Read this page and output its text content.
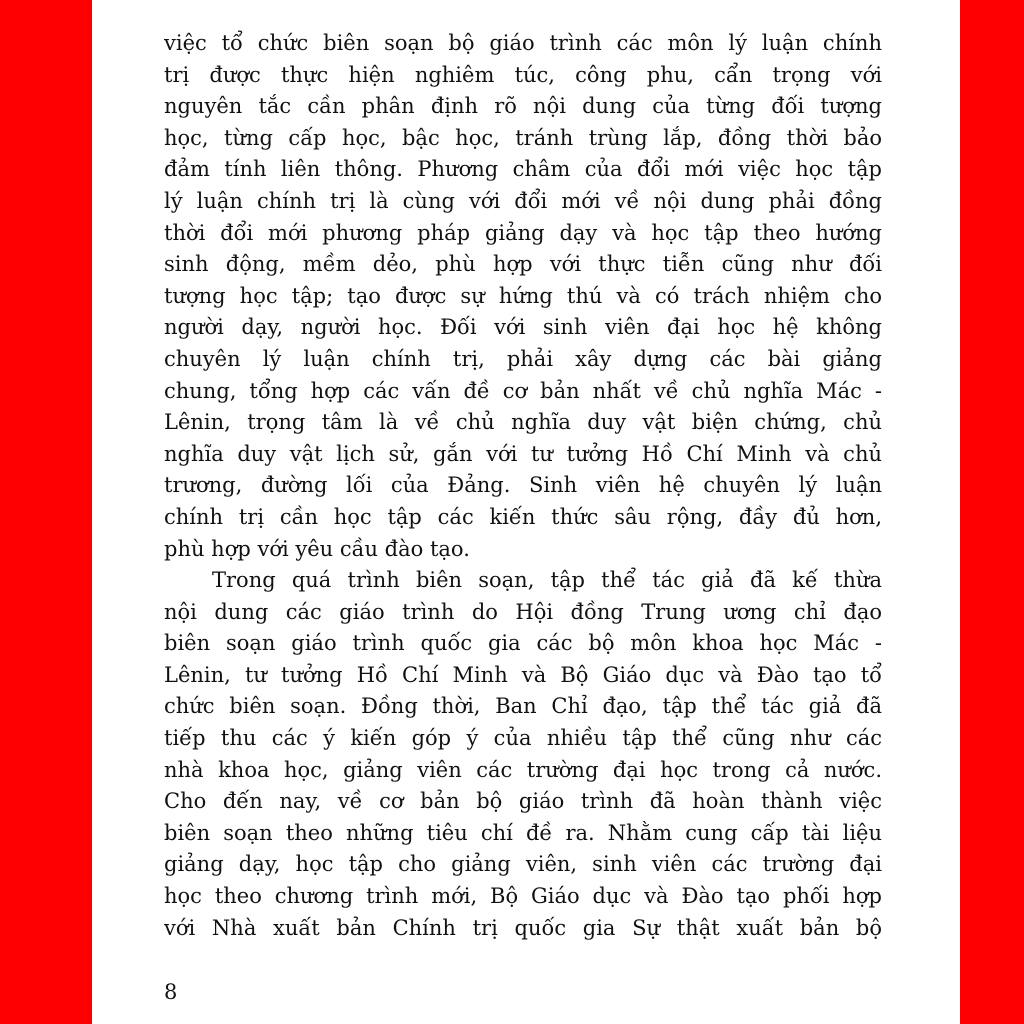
việc tổ chức biên soạn bộ giáo trình các môn lý luận chính
trị được thực hiện nghiêm túc, công phu, cẩn trọng với
nguyên tắc cần phân định rõ nội dung của từng đối tượng
học, từng cấp học, bậc học, tránh trùng lắp, đồng thời bảo
đảm tính liên thông. Phương châm của đổi mới việc học tập
lý luận chính trị là cùng với đổi mới về nội dung phải đồng
thời đổi mới phương pháp giảng dạy và học tập theo hướng
sinh động, mềm dẻo, phù hợp với thực tiễn cũng như đối
tượng học tập; tạo được sự hứng thú và có trách nhiệm cho
người dạy, người học. Đối với sinh viên đại học hệ không
chuyên lý luận chính trị, phải xây dựng các bài giảng
chung, tổng hợp các vấn đề cơ bản nhất về chủ nghĩa Mác -
Lênin, trọng tâm là về chủ nghĩa duy vật biện chứng, chủ
nghĩa duy vật lịch sử, gắn với tư tưởng Hồ Chí Minh và chủ
trương, đường lối của Đảng. Sinh viên hệ chuyên lý luận
chính trị cần học tập các kiến thức sâu rộng, đầy đủ hơn,
phù hợp với yêu cầu đào tạo.

Trong quá trình biên soạn, tập thể tác giả đã kế thừa
nội dung các giáo trình do Hội đồng Trung ương chỉ đạo
biên soạn giáo trình quốc gia các bộ môn khoa học Mác -
Lênin, tư tưởng Hồ Chí Minh và Bộ Giáo dục và Đào tạo tổ
chức biên soạn. Đồng thời, Ban Chỉ đạo, tập thể tác giả đã
tiếp thu các ý kiến góp ý của nhiều tập thể cũng như các
nhà khoa học, giảng viên các trường đại học trong cả nước.
Cho đến nay, về cơ bản bộ giáo trình đã hoàn thành việc
biên soạn theo những tiêu chí đề ra. Nhằm cung cấp tài liệu
giảng dạy, học tập cho giảng viên, sinh viên các trường đại
học theo chương trình mới, Bộ Giáo dục và Đào tạo phối hợp
với Nhà xuất bản Chính trị quốc gia Sự thật xuất bản bộ

8
